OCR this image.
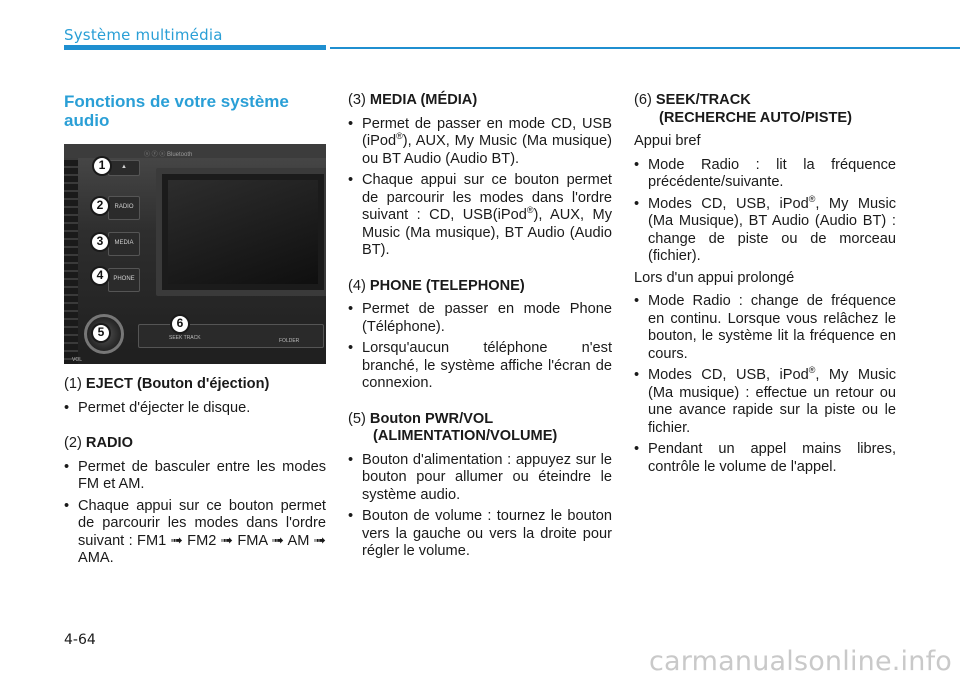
Système multimédia
Fonctions de votre système audio
ⓢ ⓨ ⓢ Bluetooth
▲
RADIO
MEDIA
PHONE
VOL
SEEK TRACK	FOLDER
1
2
3
4
5
6
(1) EJECT (Bouton d'éjection)
• Permet d'éjecter le disque.
(2) RADIO
• Permet de basculer entre les modes FM et AM.
• Chaque appui sur ce bouton permet de parcourir les modes dans l'ordre suivant : FM1 ➟ FM2 ➟ FMA ➟ AM ➟ AMA.
(3) MEDIA (MÉDIA)
• Permet de passer en mode CD, USB (iPod®), AUX, My Music (Ma musique) ou BT Audio (Audio BT).
• Chaque appui sur ce bouton permet de parcourir les modes dans l'ordre suivant : CD, USB(iPod®), AUX, My Music (Ma musique), BT Audio (Audio BT).
(4) PHONE (TELEPHONE)
• Permet de passer en mode Phone (Téléphone).
• Lorsqu'aucun téléphone n'est branché, le système affiche l'écran de connexion.
(5) Bouton PWR/VOL
(ALIMENTATION/VOLUME)
• Bouton d'alimentation : appuyez sur le bouton pour allumer ou éteindre le système audio.
• Bouton de volume : tournez le bouton vers la gauche ou vers la droite pour régler le volume.
(6) SEEK/TRACK
(RECHERCHE AUTO/PISTE)
Appui bref
• Mode Radio : lit la fréquence précédente/suivante.
• Modes CD, USB, iPod®, My Music (Ma Musique), BT Audio (Audio BT) : change de piste ou de morceau (fichier).
Lors d'un appui prolongé
• Mode Radio : change de fréquence en continu. Lorsque vous relâchez le bouton, le système lit la fréquence en cours.
• Modes CD, USB, iPod®, My Music (Ma musique) : effectue un retour ou une avance rapide sur la piste ou le fichier.
• Pendant un appel mains libres, contrôle le volume de l'appel.
4-64
carmanualsonline.info
